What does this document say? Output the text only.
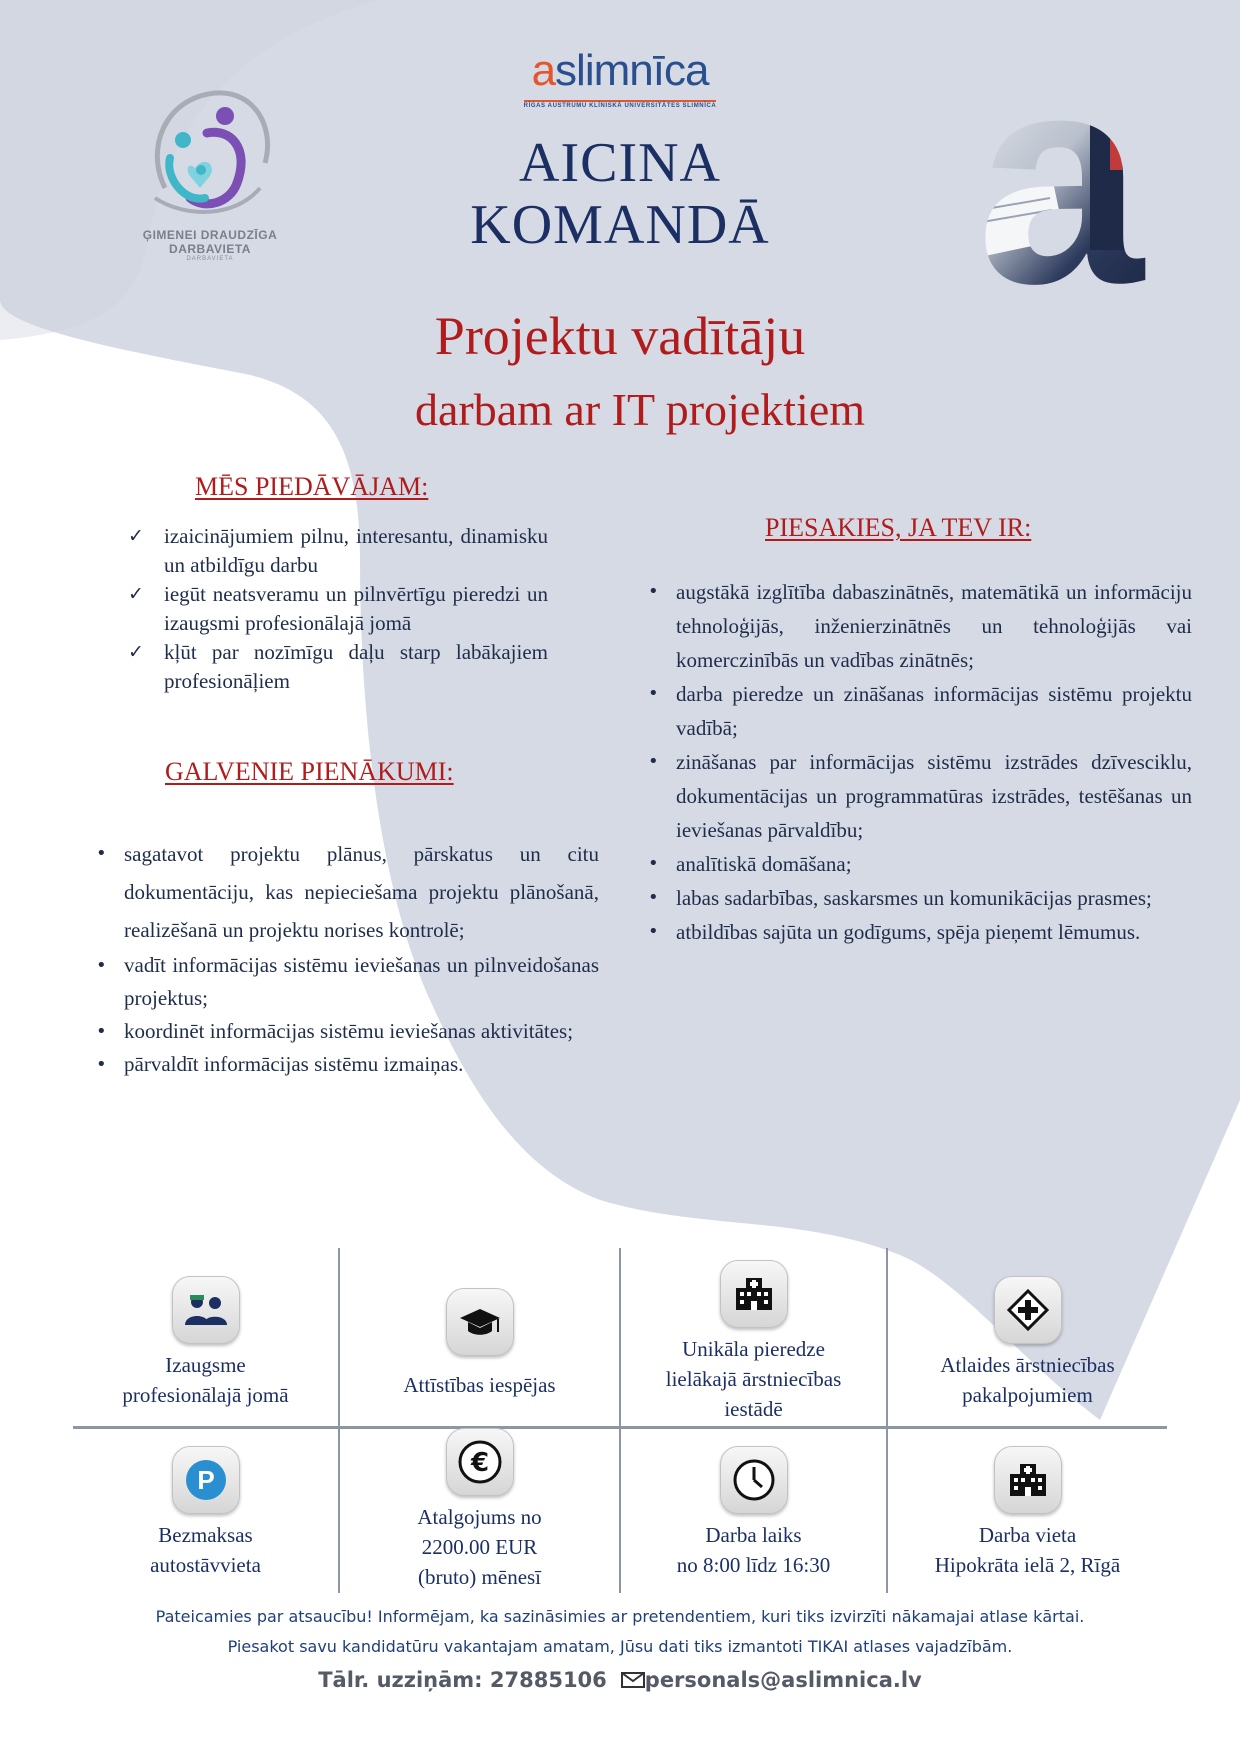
ĢIMENEI DRAUDZĪGA
DARBAVIETA
DARBAVIETA
aslimnīca
RĪGAS AUSTRUMU KLĪNISKĀ UNIVERSITĀTES SLIMNĪCA
AICINA
KOMANDĀ
Projektu vadītāju
darbam ar IT projektiem
MĒS PIEDĀVĀJAM:
✓ izaicinājumiem pilnu, interesantu, dinamisku un atbildīgu darbu
✓ iegūt neatsveramu un pilnvērtīgu pieredzi un izaugsmi profesionālajā jomā
✓ kļūt par nozīmīgu daļu starp labākajiem profesionāļiem
GALVENIE PIENĀKUMI:
• sagatavot projektu plānus, pārskatus un citu dokumentāciju, kas nepieciešama projektu plānošanā, realizēšanā un projektu norises kontrolē;
• vadīt informācijas sistēmu ieviešanas un pilnveidošanas projektus;
• koordinēt informācijas sistēmu ieviešanas aktivitātes;
• pārvaldīt informācijas sistēmu izmaiņas.
PIESAKIES, JA TEV IR:
• augstākā izglītība dabaszinātnēs, matemātikā un informāciju tehnoloģijās, inženierzinātnēs un tehnoloģijās vai komerczinībās un vadības zinātnēs;
• darba pieredze un zināšanas informācijas sistēmu projektu vadībā;
• zināšanas par informācijas sistēmu izstrādes dzīvesciklu, dokumentācijas un programmatūras izstrādes, testēšanas un ieviešanas pārvaldību;
• analītiskā domāšana;
• labas sadarbības, saskarsmes un komunikācijas prasmes;
• atbildības sajūta un godīgums, spēja pieņemt lēmumus.
Izaugsme
profesionālajā jomā	Attīstības iespējas
Unikāla pieredze
lielākajā ārstniecības
iestādē
Atlaides ārstniecības
pakalpojumiem
P
Bezmaksas
autostāvvieta
€
Atalgojums no
2200.00 EUR
(bruto) mēnesī
Darba laiks
no 8:00 līdz 16:30
Darba vieta
Hipokrāta ielā 2, Rīgā
Pateicamies par atsaucību! Informējam, ka sazināsimies ar pretendentiem, kuri tiks izvirzīti nākamajai atlase kārtai.
Piesakot savu kandidatūru vakantajam amatam, Jūsu dati tiks izmantoti TIKAI atlases vajadzībām.
Tālr. uzziņām: 27885106 personals@aslimnica.lv
